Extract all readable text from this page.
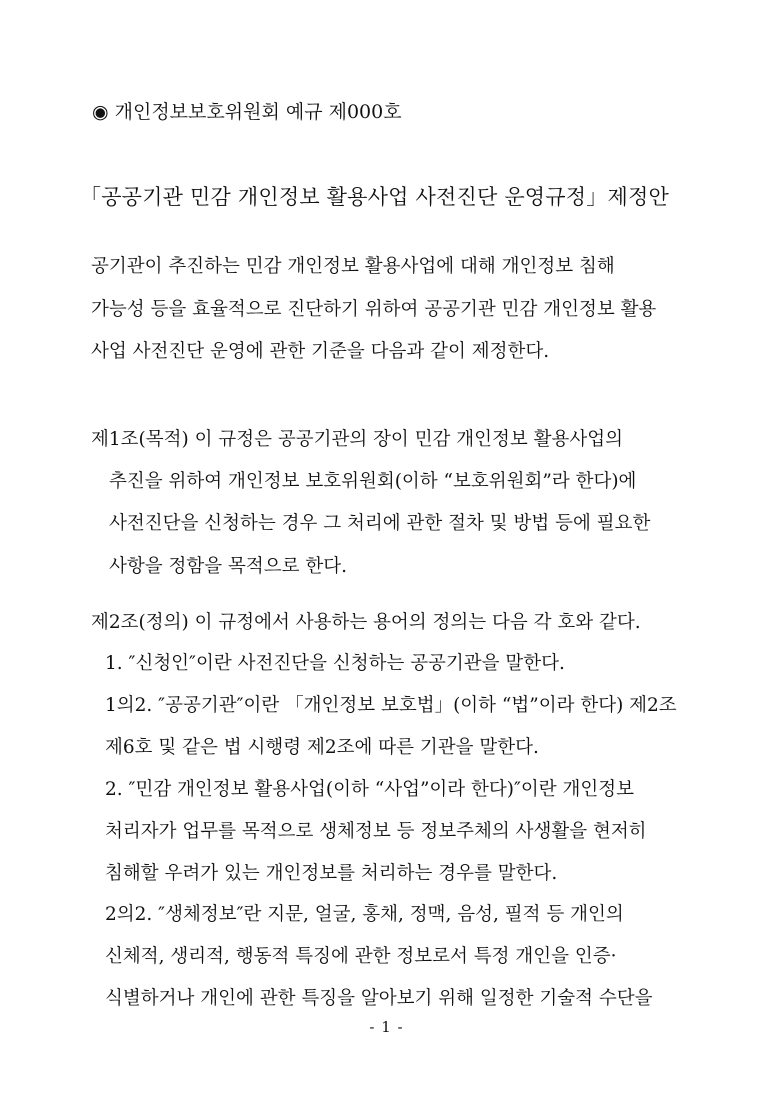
◉ 개인정보보호위원회 예규 제000호

「공공기관 민감 개인정보 활용사업 사전진단 운영규정」제정안

공기관이 추진하는 민감 개인정보 활용사업에 대해 개인정보 침해

가능성 등을 효율적으로 진단하기 위하여 공공기관 민감 개인정보 활용

사업 사전진단 운영에 관한 기준을 다음과 같이 제정한다.

제1조(목적) 이 규정은 공공기관의 장이 민감 개인정보 활용사업의

추진을 위하여 개인정보 보호위원회(이하 “보호위원회”라 한다)에

사전진단을 신청하는 경우 그 처리에 관한 절차 및 방법 등에 필요한

사항을 정함을 목적으로 한다.

제2조(정의) 이 규정에서 사용하는 용어의 정의는 다음 각 호와 같다.

1. ″신청인″이란 사전진단을 신청하는 공공기관을 말한다.

1의2. ″공공기관″이란 「개인정보 보호법」(이하 “법”이라 한다) 제2조

제6호 및 같은 법 시행령 제2조에 따른 기관을 말한다.

2. ″민감 개인정보 활용사업(이하 “사업”이라 한다)″이란 개인정보

처리자가 업무를 목적으로 생체정보 등 정보주체의 사생활을 현저히

침해할 우려가 있는 개인정보를 처리하는 경우를 말한다.

2의2. ″생체정보″란 지문, 얼굴, 홍채, 정맥, 음성, 필적 등 개인의

신체적, 생리적, 행동적 특징에 관한 정보로서 특정 개인을 인증·

식별하거나 개인에 관한 특징을 알아보기 위해 일정한 기술적 수단을

- 1 -
